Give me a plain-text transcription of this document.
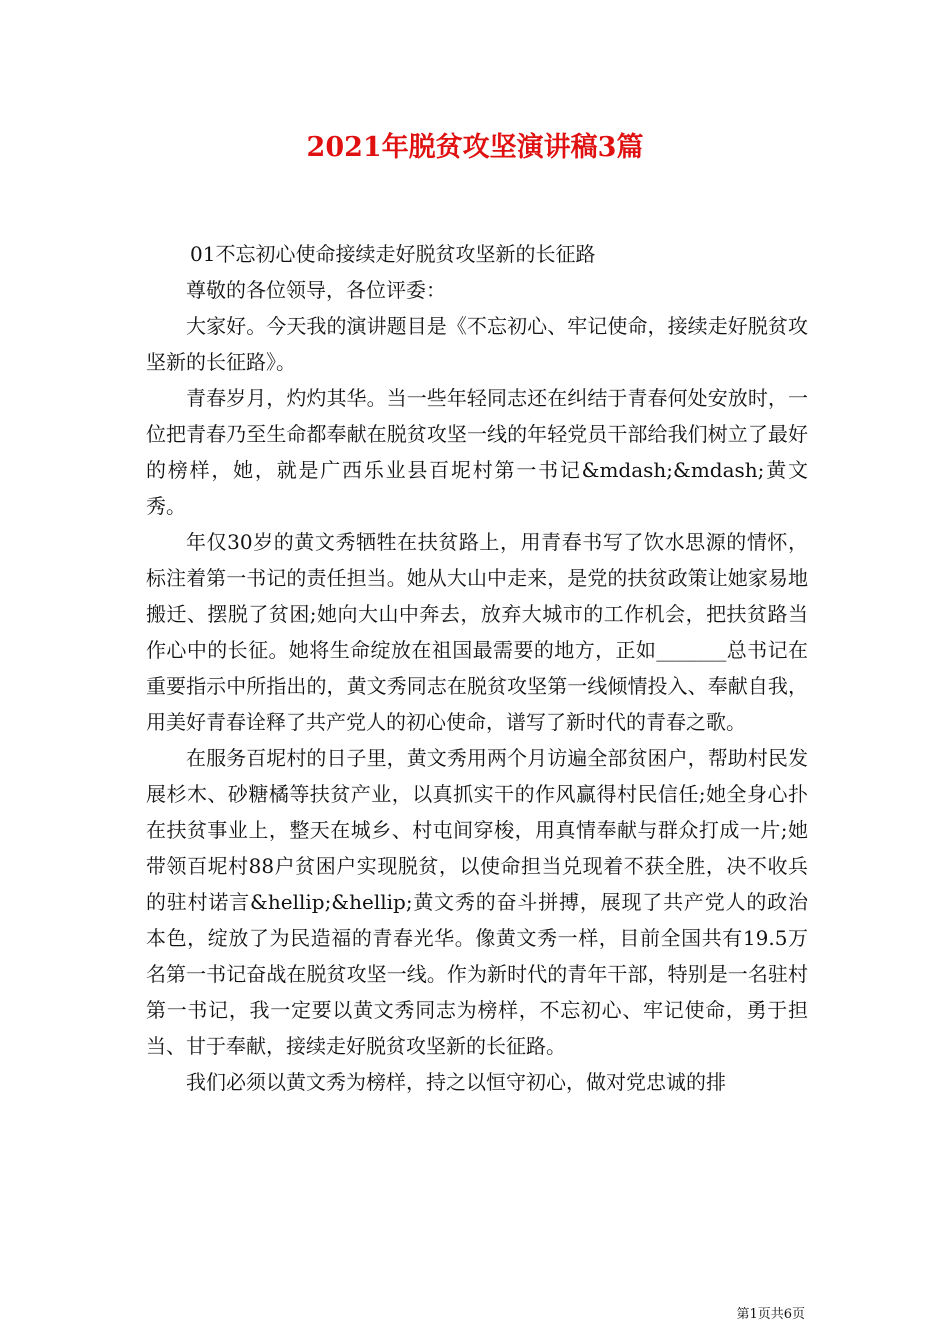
2021年脱贫攻坚演讲稿3篇

01不忘初心使命接续走好脱贫攻坚新的长征路

尊敬的各位领导，各位评委：

大家好。今天我的演讲题目是《不忘初心、牢记使命，接续走好脱贫攻坚新的长征路》。

青春岁月，灼灼其华。当一些年轻同志还在纠结于青春何处安放时，一位把青春乃至生命都奉献在脱贫攻坚一线的年轻党员干部给我们树立了最好的榜样，她，就是广西乐业县百坭村第一书记&mdash;&mdash;黄文秀。

年仅30岁的黄文秀牺牲在扶贫路上，用青春书写了饮水思源的情怀，标注着第一书记的责任担当。她从大山中走来，是党的扶贫政策让她家易地搬迁、摆脱了贫困;她向大山中奔去，放弃大城市的工作机会，把扶贫路当作心中的长征。她将生命绽放在祖国最需要的地方，正如_______总书记在重要指示中所指出的，黄文秀同志在脱贫攻坚第一线倾情投入、奉献自我，用美好青春诠释了共产党人的初心使命，谱写了新时代的青春之歌。

在服务百坭村的日子里，黄文秀用两个月访遍全部贫困户，帮助村民发展杉木、砂糖橘等扶贫产业，以真抓实干的作风赢得村民信任;她全身心扑在扶贫事业上，整天在城乡、村屯间穿梭，用真情奉献与群众打成一片;她带领百坭村88户贫困户实现脱贫，以使命担当兑现着不获全胜，决不收兵的驻村诺言&hellip;&hellip;黄文秀的奋斗拼搏，展现了共产党人的政治本色，绽放了为民造福的青春光华。像黄文秀一样，目前全国共有19.5万名第一书记奋战在脱贫攻坚一线。作为新时代的青年干部，特别是一名驻村第一书记，我一定要以黄文秀同志为榜样，不忘初心、牢记使命，勇于担当、甘于奉献，接续走好脱贫攻坚新的长征路。

我们必须以黄文秀为榜样，持之以恒守初心，做对党忠诚的排

第1页共6页
